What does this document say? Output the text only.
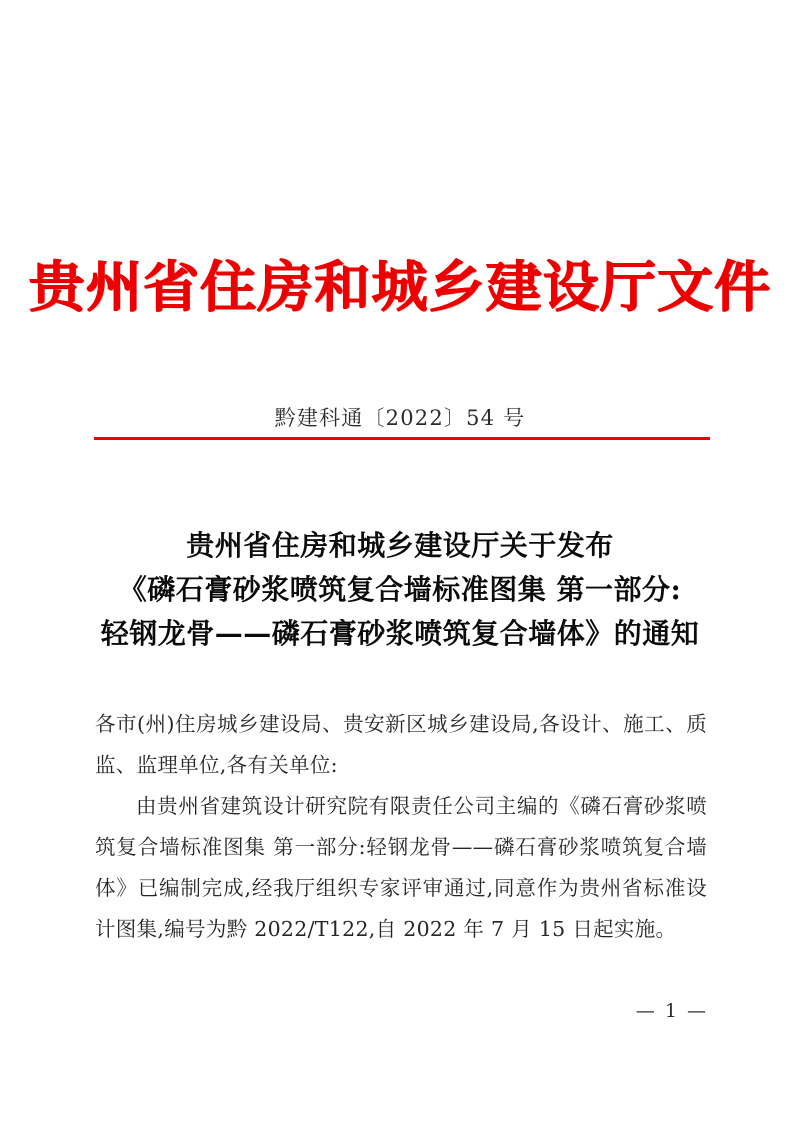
贵州省住房和城乡建设厅文件
黔建科通〔2022〕54 号
贵州省住房和城乡建设厅关于发布
《磷石膏砂浆喷筑复合墙标准图集 第一部分:
轻钢龙骨——磷石膏砂浆喷筑复合墙体》的通知

各市(州)住房城乡建设局、贵安新区城乡建设局,各设计、施工、质监、监理单位,各有关单位:

由贵州省建筑设计研究院有限责任公司主编的《磷石膏砂浆喷筑复合墙标准图集 第一部分:轻钢龙骨——磷石膏砂浆喷筑复合墙体》已编制完成,经我厅组织专家评审通过,同意作为贵州省标准设计图集,编号为黔 2022/T122,自 2022 年 7 月 15 日起实施。

— 1 —
